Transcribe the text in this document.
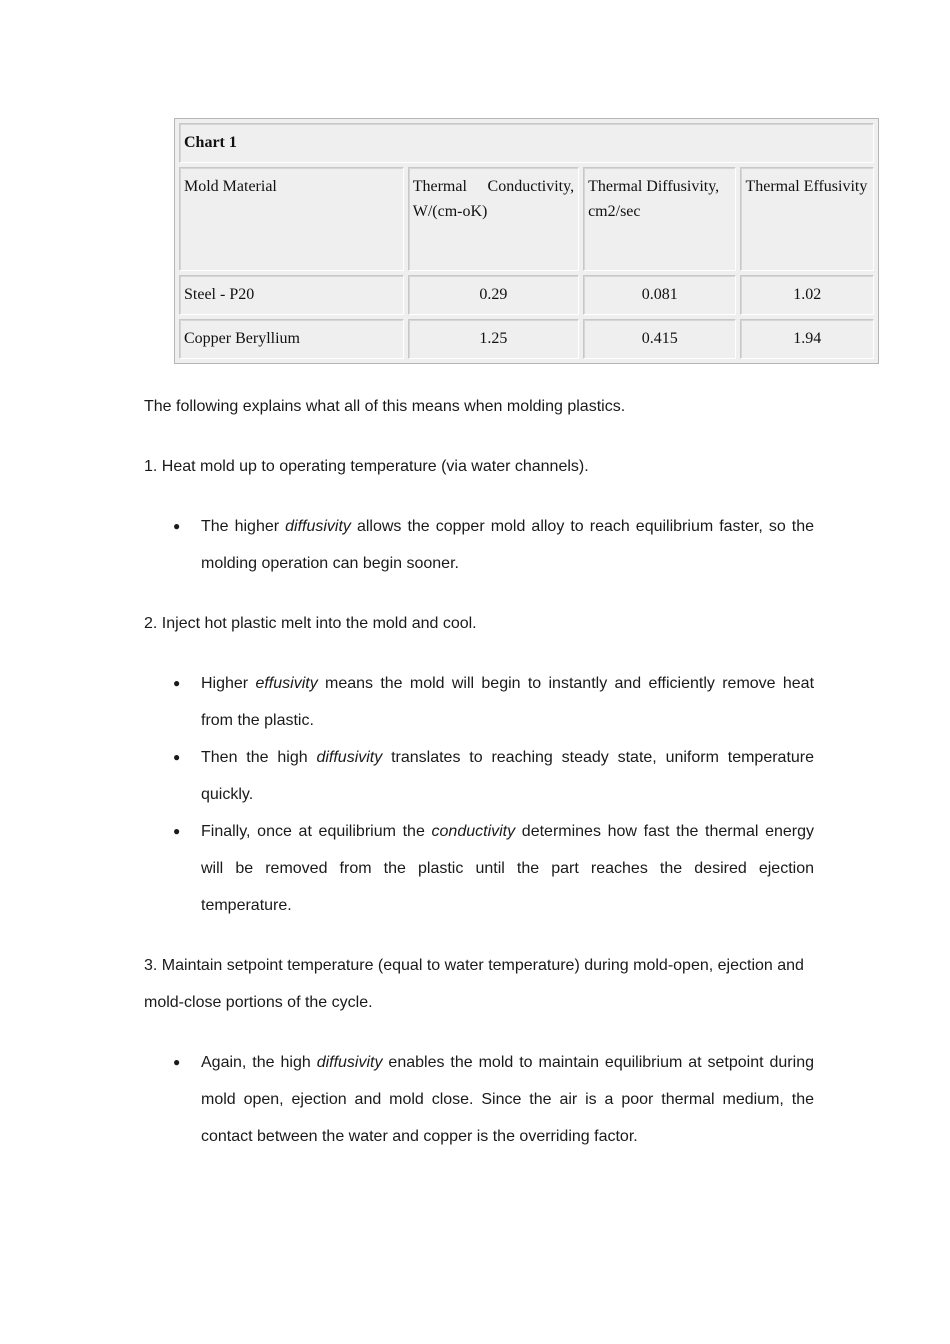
Chart 1			
Mold Material	Thermal Conductivity, W/(cm-oK)	Thermal Diffusivity, cm2/sec	Thermal Effusivity
Steel - P20	0.29	0.081	1.02
Copper Beryllium	1.25	0.415	1.94

The following explains what all of this means when molding plastics.

1. Heat mold up to operating temperature (via water channels).

● The higher diffusivity allows the copper mold alloy to reach equilibrium faster, so the molding operation can begin sooner.

2. Inject hot plastic melt into the mold and cool.

● Higher effusivity means the mold will begin to instantly and efficiently remove heat from the plastic.
● Then the high diffusivity translates to reaching steady state, uniform temperature quickly.
● Finally, once at equilibrium the conductivity determines how fast the thermal energy will be removed from the plastic until the part reaches the desired ejection temperature.

3. Maintain setpoint temperature (equal to water temperature) during mold-open, ejection and mold-close portions of the cycle.

● Again, the high diffusivity enables the mold to maintain equilibrium at setpoint during mold open, ejection and mold close. Since the air is a poor thermal medium, the contact between the water and copper is the overriding factor.
